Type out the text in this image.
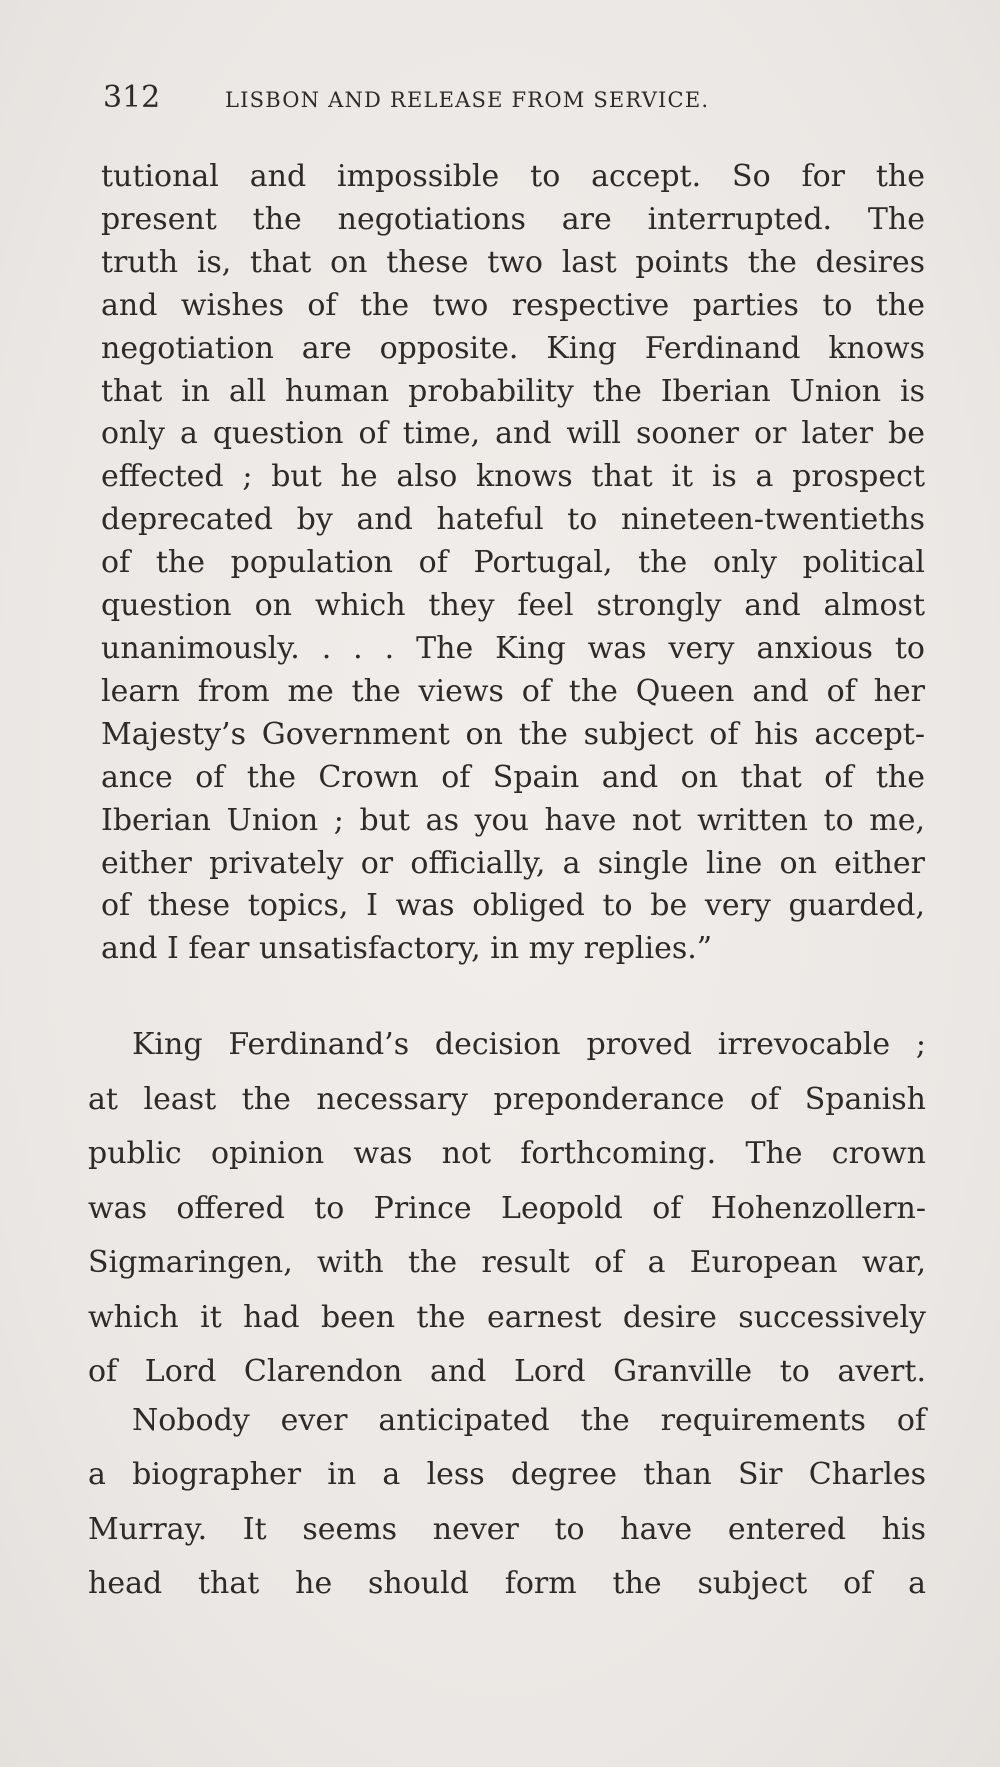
312	LISBON AND RELEASE FROM SERVICE.

tutional and impossible to accept. So for the

present the negotiations are interrupted. The

truth is, that on these two last points the desires

and wishes of the two respective parties to the

negotiation are opposite. King Ferdinand knows

that in all human probability the Iberian Union is

only a question of time, and will sooner or later be

effected ; but he also knows that it is a prospect

deprecated by and hateful to nineteen-twentieths

of the population of Portugal, the only political

question on which they feel strongly and almost

unanimously. . . . The King was very anxious to

learn from me the views of the Queen and of her

Majesty’s Government on the subject of his accept-

ance of the Crown of Spain and on that of the

Iberian Union ; but as you have not written to me,

either privately or officially, a single line on either

of these topics, I was obliged to be very guarded,

and I fear unsatisfactory, in my replies.”

King Ferdinand’s decision proved irrevocable ;

at least the necessary preponderance of Spanish

public opinion was not forthcoming. The crown

was offered to Prince Leopold of Hohenzollern-

Sigmaringen, with the result of a European war,

which it had been the earnest desire successively

of Lord Clarendon and Lord Granville to avert.

Nobody ever anticipated the requirements of

a biographer in a less degree than Sir Charles

Murray. It seems never to have entered his

head that he should form the subject of a
